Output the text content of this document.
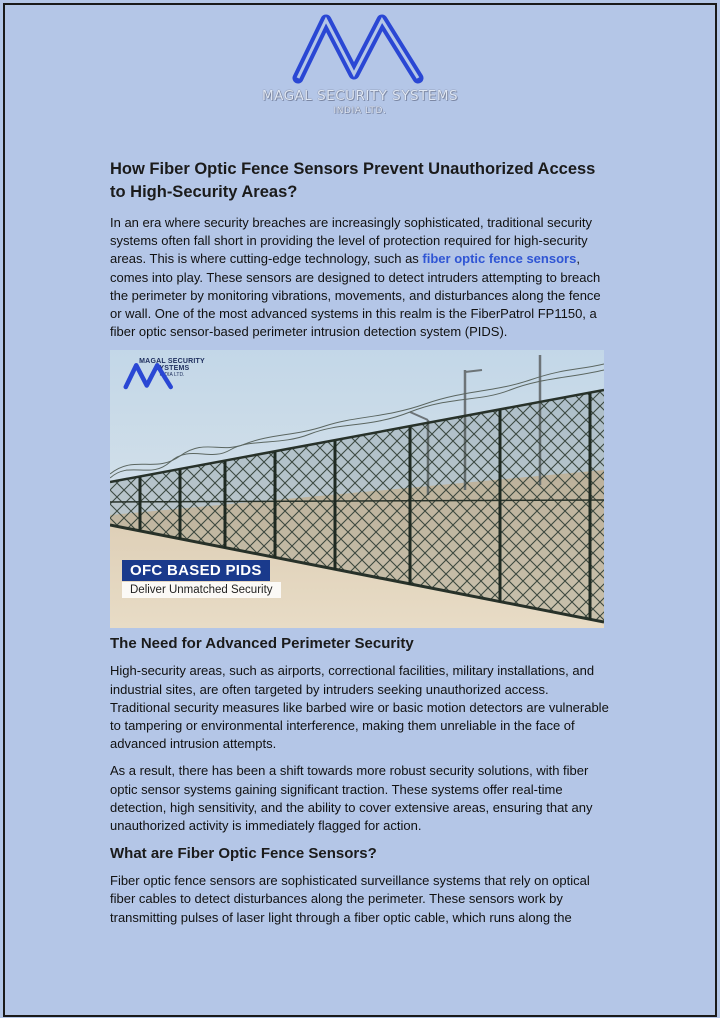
MAGAL SECURITY SYSTEMS
INDIA LTD.
How Fiber Optic Fence Sensors Prevent Unauthorized Access to High-Security Areas?

In an era where security breaches are increasingly sophisticated, traditional security systems often fall short in providing the level of protection required for high-security areas. This is where cutting-edge technology, such as fiber optic fence sensors, comes into play. These sensors are designed to detect intruders attempting to breach the perimeter by monitoring vibrations, movements, and disturbances along the fence or wall. One of the most advanced systems in this realm is the FiberPatrol FP1150, a fiber optic sensor-based perimeter intrusion detection system (PIDS).

MAGAL SECURITY SYSTEMS
INDIA LTD.
OFC BASED PIDS
Deliver Unmatched Security
The Need for Advanced Perimeter Security

High-security areas, such as airports, correctional facilities, military installations, and industrial sites, are often targeted by intruders seeking unauthorized access. Traditional security measures like barbed wire or basic motion detectors are vulnerable to tampering or environmental interference, making them unreliable in the face of advanced intrusion attempts.

As a result, there has been a shift towards more robust security solutions, with fiber optic sensor systems gaining significant traction. These systems offer real-time detection, high sensitivity, and the ability to cover extensive areas, ensuring that any unauthorized activity is immediately flagged for action.

What are Fiber Optic Fence Sensors?

Fiber optic fence sensors are sophisticated surveillance systems that rely on optical fiber cables to detect disturbances along the perimeter. These sensors work by transmitting pulses of laser light through a fiber optic cable, which runs along the
